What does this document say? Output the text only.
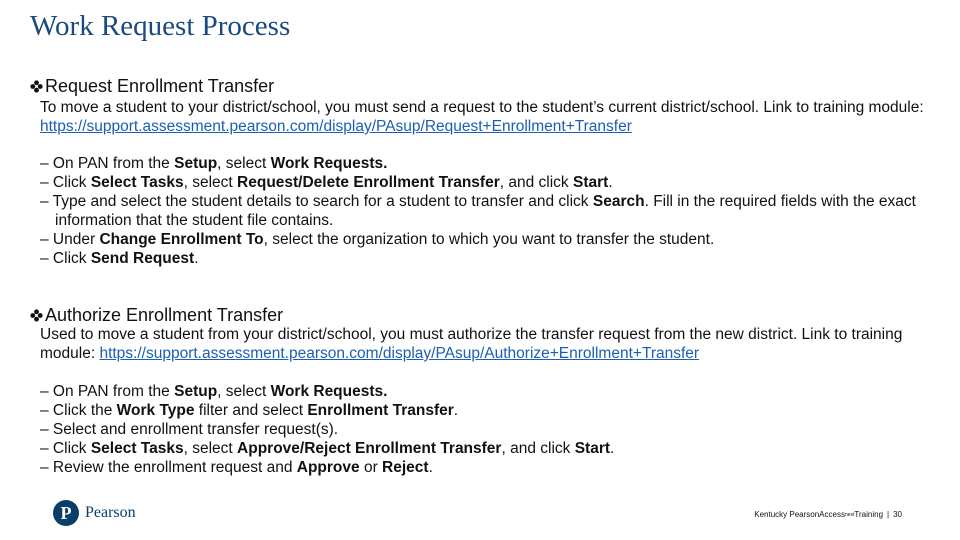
Work Request Process
Request Enrollment Transfer

To move a student to your district/school, you must send a request to the student’s current district/school. Link to training module: https://support.assessment.pearson.com/display/PAsup/Request+Enrollment+Transfer

– On PAN from the Setup, select Work Requests.
– Click Select Tasks, select Request/Delete Enrollment Transfer, and click Start.
– Type and select the student details to search for a student to transfer and click Search. Fill in the required fields with the exact information that the student file contains.
– Under Change Enrollment To, select the organization to which you want to transfer the student.
– Click Send Request.
Authorize Enrollment Transfer

Used to move a student from your district/school, you must authorize the transfer request from the new district. Link to training module: https://support.assessment.pearson.com/display/PAsup/Authorize+Enrollment+Transfer

– On PAN from the Setup, select Work Requests.
– Click the Work Type filter and select Enrollment Transfer.
– Select and enrollment transfer request(s).
– Click Select Tasks, select Approve/Reject Enrollment Transfer, and click Start.
– Review the enrollment request and Approve or Reject.
P Pearson	Kentucky PearsonAccess next Training | 30
